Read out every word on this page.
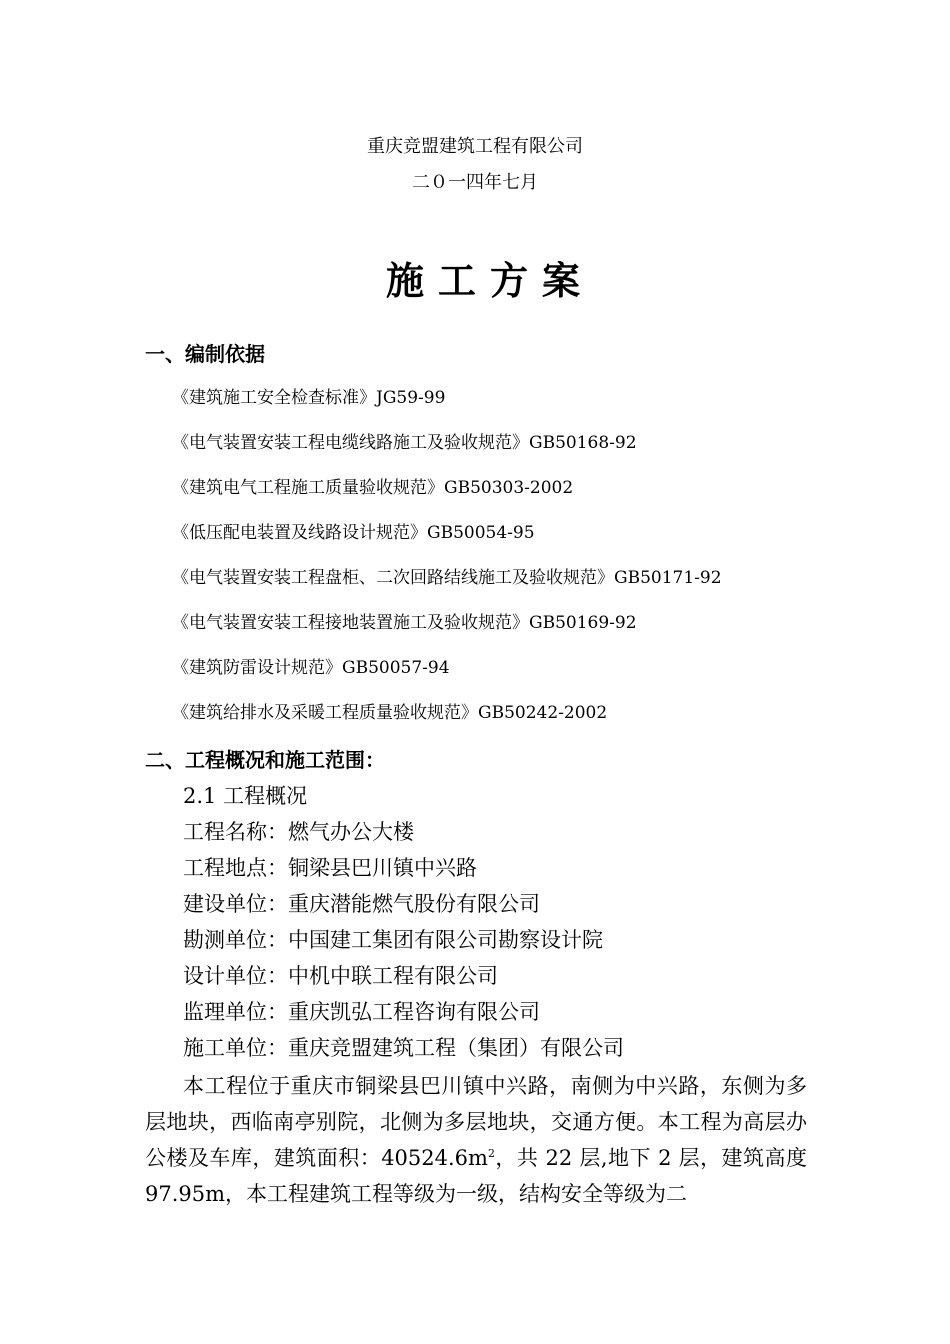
重庆竞盟建筑工程有限公司
二０一四年七月
施工方案
一、编制依据
《建筑施工安全检查标准》JG59-99
《电气装置安装工程电缆线路施工及验收规范》GB50168-92
《建筑电气工程施工质量验收规范》GB50303-2002
《低压配电装置及线路设计规范》GB50054-95
《电气装置安装工程盘柜、二次回路结线施工及验收规范》GB50171-92
《电气装置安装工程接地装置施工及验收规范》GB50169-92
《建筑防雷设计规范》GB50057-94
《建筑给排水及采暖工程质量验收规范》GB50242-2002
二、工程概况和施工范围：
2.1 工程概况
工程名称：燃气办公大楼
工程地点：铜梁县巴川镇中兴路
建设单位：重庆潜能燃气股份有限公司
勘测单位：中国建工集团有限公司勘察设计院
设计单位：中机中联工程有限公司
监理单位：重庆凯弘工程咨询有限公司
施工单位：重庆竞盟建筑工程（集团）有限公司
本工程位于重庆市铜梁县巴川镇中兴路，南侧为中兴路，东侧为多层地块，西临南亭别院，北侧为多层地块，交通方便。本工程为高层办公楼及车库，建筑面积：$40524.6m^2$，共 22 层,地下 2 层，建筑高度 97.95m，本工程建筑工程等级为一级，结构安全等级为二
